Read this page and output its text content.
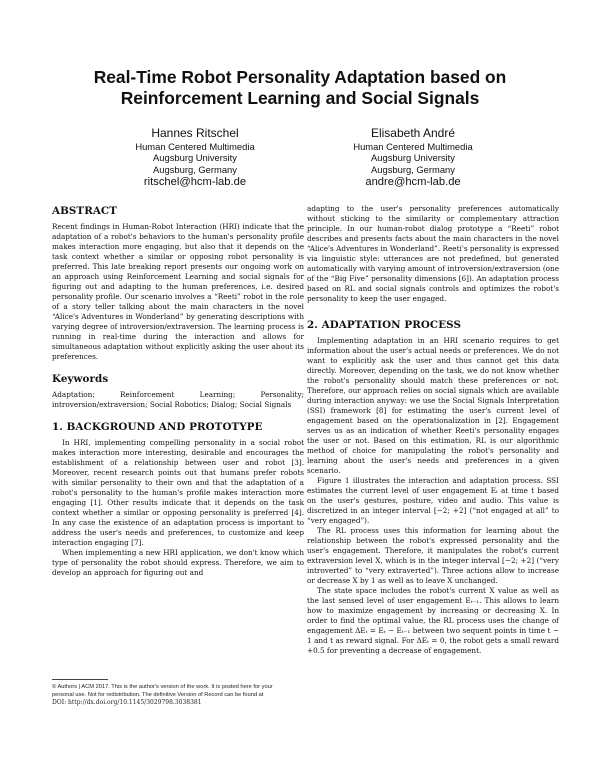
Real-Time Robot Personality Adaptation based on
Reinforcement Learning and Social Signals
Hannes Ritschel
Human Centered Multimedia
Augsburg University
Augsburg, Germany
ritschel@hcm-lab.de
Elisabeth André
Human Centered Multimedia
Augsburg University
Augsburg, Germany
andre@hcm-lab.de
ABSTRACT

Recent findings in Human-Robot Interaction (HRI) indicate that the adaptation of a robot's behaviors to the human's personality profile makes interaction more engaging, but also that it depends on the task context whether a similar or opposing robot personality is preferred. This late breaking report presents our ongoing work on an approach using Reinforcement Learning and social signals for figuring out and adapting to the human preferences, i.e. desired personality profile. Our scenario involves a “Reeti” robot in the role of a story teller talking about the main characters in the novel “Alice's Adventures in Wonderland” by generating descriptions with varying degree of introversion/extraversion. The learning process is running in real-time during the interaction and allows for simultaneous adaptation without explicitly asking the user about its preferences.

Keywords

Adaptation; Reinforcement Learning; Personality; introversion/extraversion; Social Robotics; Dialog; Social Signals

1. BACKGROUND AND PROTOTYPE

In HRI, implementing compelling personality in a social robot makes interaction more interesting, desirable and encourages the establishment of a relationship between user and robot [3]. Moreover, recent research points out that humans prefer robots with similar personality to their own and that the adaptation of a robot's personality to the human's profile makes interaction more engaging [1]. Other results indicate that it depends on the task context whether a similar or opposing personality is preferred [4]. In any case the existence of an adaptation process is important to address the user's needs and preferences, to customize and keep interaction engaging [7].

When implementing a new HRI application, we don't know which type of personality the robot should express. Therefore, we aim to develop an approach for figuring out and

adapting to the user's personality preferences automatically without sticking to the similarity or complementary attraction principle. In our human-robot dialog prototype a “Reeti” robot describes and presents facts about the main characters in the novel “Alice's Adventures in Wonderland”. Reeti's personality is expressed via linguistic style: utterances are not predefined, but generated automatically with varying amount of introversion/extraversion (one of the “Big Five” personality dimensions [6]). An adaptation process based on RL and social signals controls and optimizes the robot's personality to keep the user engaged.

2. ADAPTATION PROCESS

Implementing adaptation in an HRI scenario requires to get information about the user's actual needs or preferences. We do not want to explicitly ask the user and thus cannot get this data directly. Moreover, depending on the task, we do not know whether the robot's personality should match these preferences or not. Therefore, our approach relies on social signals which are available during interaction anyway: we use the Social Signals Interpretation (SSI) framework [8] for estimating the user's current level of engagement based on the operationalization in [2]. Engagement serves us as an indication of whether Reeti's personality engages the user or not. Based on this estimation, RL is our algorithmic method of choice for manipulating the robot's personality and learning about the user's needs and preferences in a given scenario.

Figure 1 illustrates the interaction and adaptation process. SSI estimates the current level of user engagement Eₜ at time t based on the user's gestures, posture, video and audio. This value is discretized in an integer interval [−2; +2] (“not engaged at all” to “very engaged”).

The RL process uses this information for learning about the relationship between the robot's expressed personality and the user's engagement. Therefore, it manipulates the robot's current extraversion level X, which is in the integer interval [−2; +2] (“very introverted” to “very extraverted”). Three actions allow to increase or decrease X by 1 as well as to leave X unchanged.

The state space includes the robot's current X value as well as the last sensed level of user engagement Eₜ₋₁. This allows to learn how to maximize engagement by increasing or decreasing X. In order to find the optimal value, the RL process uses the change of engagement ΔEₜ = Eₜ − Eₜ₋₁ between two sequent points in time t − 1 and t as reward signal. For ΔEₜ = 0, the robot gets a small reward +0.5 for preventing a decrease of engagement.

© Authors | ACM 2017. This is the author's version of the work. It is posted here for your
personal use. Not for redistribution. The definitive Version of Record can be found at
DOI: http://dx.doi.org/10.1145/3029798.3038381
